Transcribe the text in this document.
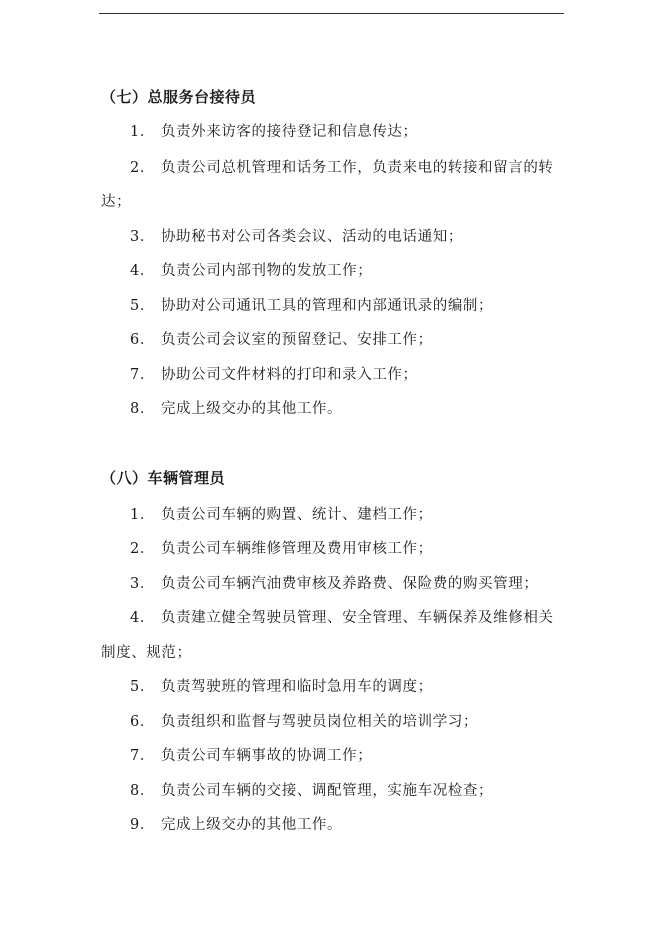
（七）总服务台接待员
1． 负责外来访客的接待登记和信息传达；
2． 负责公司总机管理和话务工作，负责来电的转接和留言的转
达；
3． 协助秘书对公司各类会议、活动的电话通知；
4． 负责公司内部刊物的发放工作；
5． 协助对公司通讯工具的管理和内部通讯录的编制；
6． 负责公司会议室的预留登记、安排工作；
7． 协助公司文件材料的打印和录入工作；
8． 完成上级交办的其他工作。
（八）车辆管理员
1． 负责公司车辆的购置、统计、建档工作；
2． 负责公司车辆维修管理及费用审核工作；
3． 负责公司车辆汽油费审核及养路费、保险费的购买管理；
4． 负责建立健全驾驶员管理、安全管理、车辆保养及维修相关
制度、规范；
5． 负责驾驶班的管理和临时急用车的调度；
6． 负责组织和监督与驾驶员岗位相关的培训学习；
7． 负责公司车辆事故的协调工作；
8． 负责公司车辆的交接、调配管理，实施车况检查；
9． 完成上级交办的其他工作。
